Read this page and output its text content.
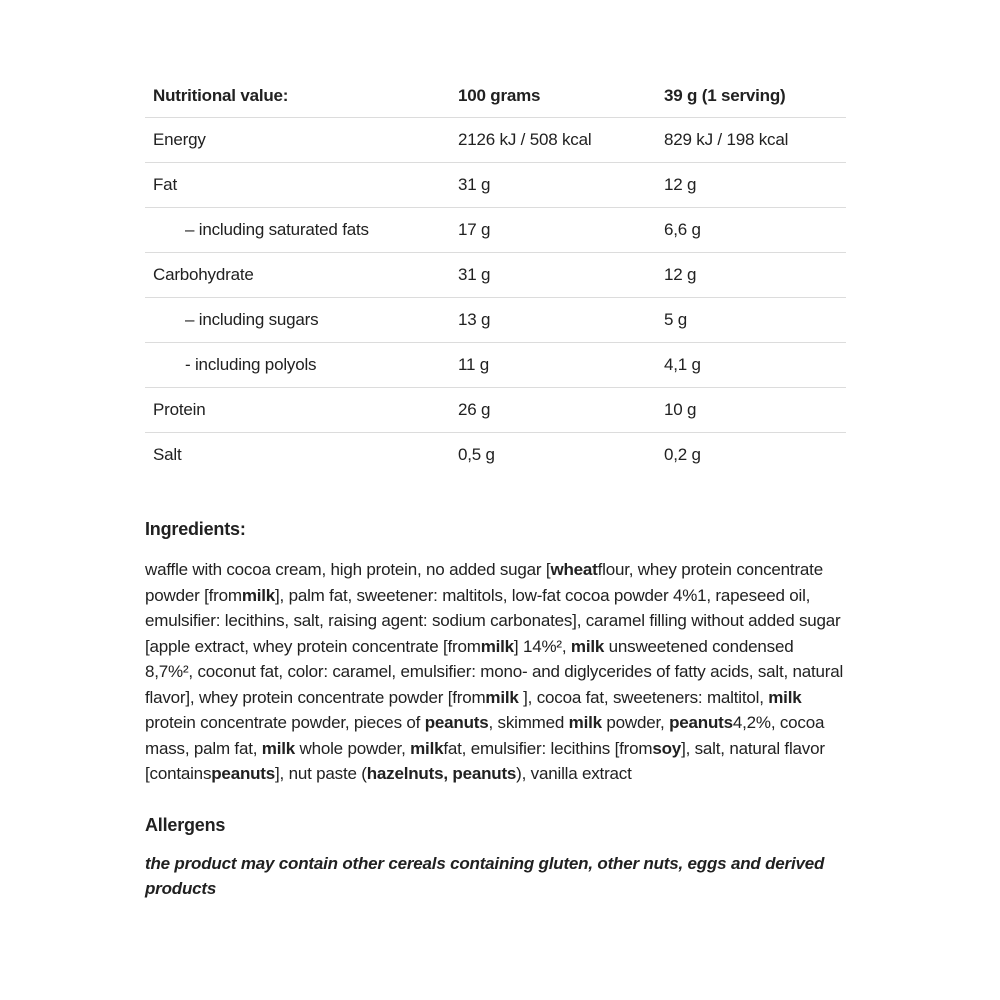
Nutritional value:	100 grams	39 g (1 serving)
Energy	2126 kJ / 508 kcal	829 kJ / 198 kcal
Fat	31 g	12 g
– including saturated fats	17 g	6,6 g
Carbohydrate	31 g	12 g
– including sugars	13 g	5 g
- including polyols	11 g	4,1 g
Protein	26 g	10 g
Salt	0,5 g	0,2 g
Ingredients:

waffle with cocoa cream, high protein, no added sugar [wheatflour, whey protein concentrate powder [frommilk], palm fat, sweetener: maltitols, low-fat cocoa powder 4%1, rapeseed oil, emulsifier: lecithins, salt, raising agent: sodium carbonates], caramel filling without added sugar [apple extract, whey protein concentrate [frommilk] 14%², milk unsweetened condensed 8,7%², coconut fat, color: caramel, emulsifier: mono- and diglycerides of fatty acids, salt, natural flavor], whey protein concentrate powder [frommilk ], cocoa fat, sweeteners: maltitol, milk protein concentrate powder, pieces of peanuts, skimmed milk powder, peanuts4,2%, cocoa mass, palm fat, milk whole powder, milkfat, emulsifier: lecithins [fromsoy], salt, natural flavor [containspeanuts], nut paste (hazelnuts, peanuts), vanilla extract

Allergens

the product may contain other cereals containing gluten, other nuts, eggs and derived products
